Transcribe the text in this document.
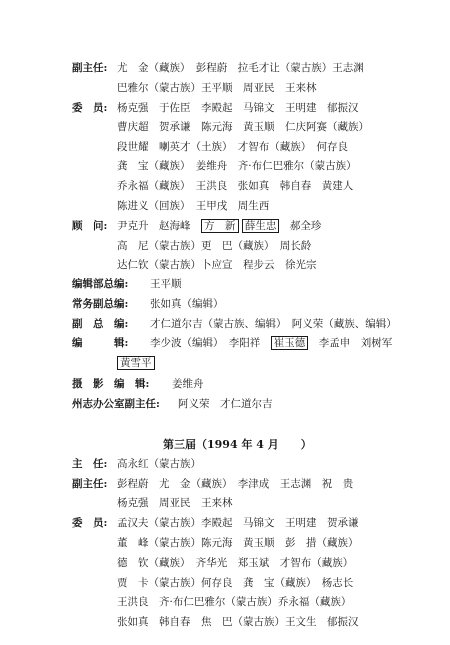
副主任: 尤　金（藏族）　彭程蔚　拉毛才让（蒙古族）王志渊
巴雅尔（蒙古族）王平顺　周亚民　王来林
委　员: 杨克强　于佐臣　李殿起　马锦文　王明建　郁振汉
曹庆超　贺承谦　陈元海　黄玉顺　仁庆阿赛（藏族）
段世耀　喇英才（土族）　才智布（藏族）　何存良
龚　宝（藏族）　姜维舟　齐·布仁巴雅尔（蒙古族）
乔永福（藏族）　王洪良　张如真　韩自春　黄建人
陈进义（回族）　王甲戌　周生西
顾　问: 尹克升　赵海峰　方　新 薛生忠　郝全珍
高　尼（蒙古族）更　巴（藏族）　周长龄
达仁钦（蒙古族）卜应宣　程步云　徐光宗
编辑部总编: 王平顺
常务副总编: 张如真（编辑）
副　总　编: 才仁道尔吉（蒙古族、编辑）　阿义荣（藏族、编辑）
编　　　辑: 李少波（编辑）　李阳祥　崔玉德　李孟申　刘树军
黄雪平
摄　影　编　辑: 姜维舟
州志办公室副主任: 阿义荣　才仁道尔吉
第三届（1994 年 4 月　　）
主　任: 高永红（蒙古族）
副主任: 彭程蔚　尤　金（藏族）　李津成　王志渊　祝　贵
杨克强　周亚民　王来林
委　员: 孟汉夫（蒙古族）李殿起　马锦文　王明建　贺承谦
董　峰（蒙古族）陈元海　黄玉顺　彭　措（藏族）
德　钦（藏族）　齐华光　郑玉斌　才智布（藏族）
贾　卡（蒙古族）何存良　龚　宝（藏族）　杨志长
王洪良　齐·布仁巴雅尔（蒙古族）乔永福（藏族）
张如真　韩自春　焦　巴（蒙古族）王文生　郁振汉
